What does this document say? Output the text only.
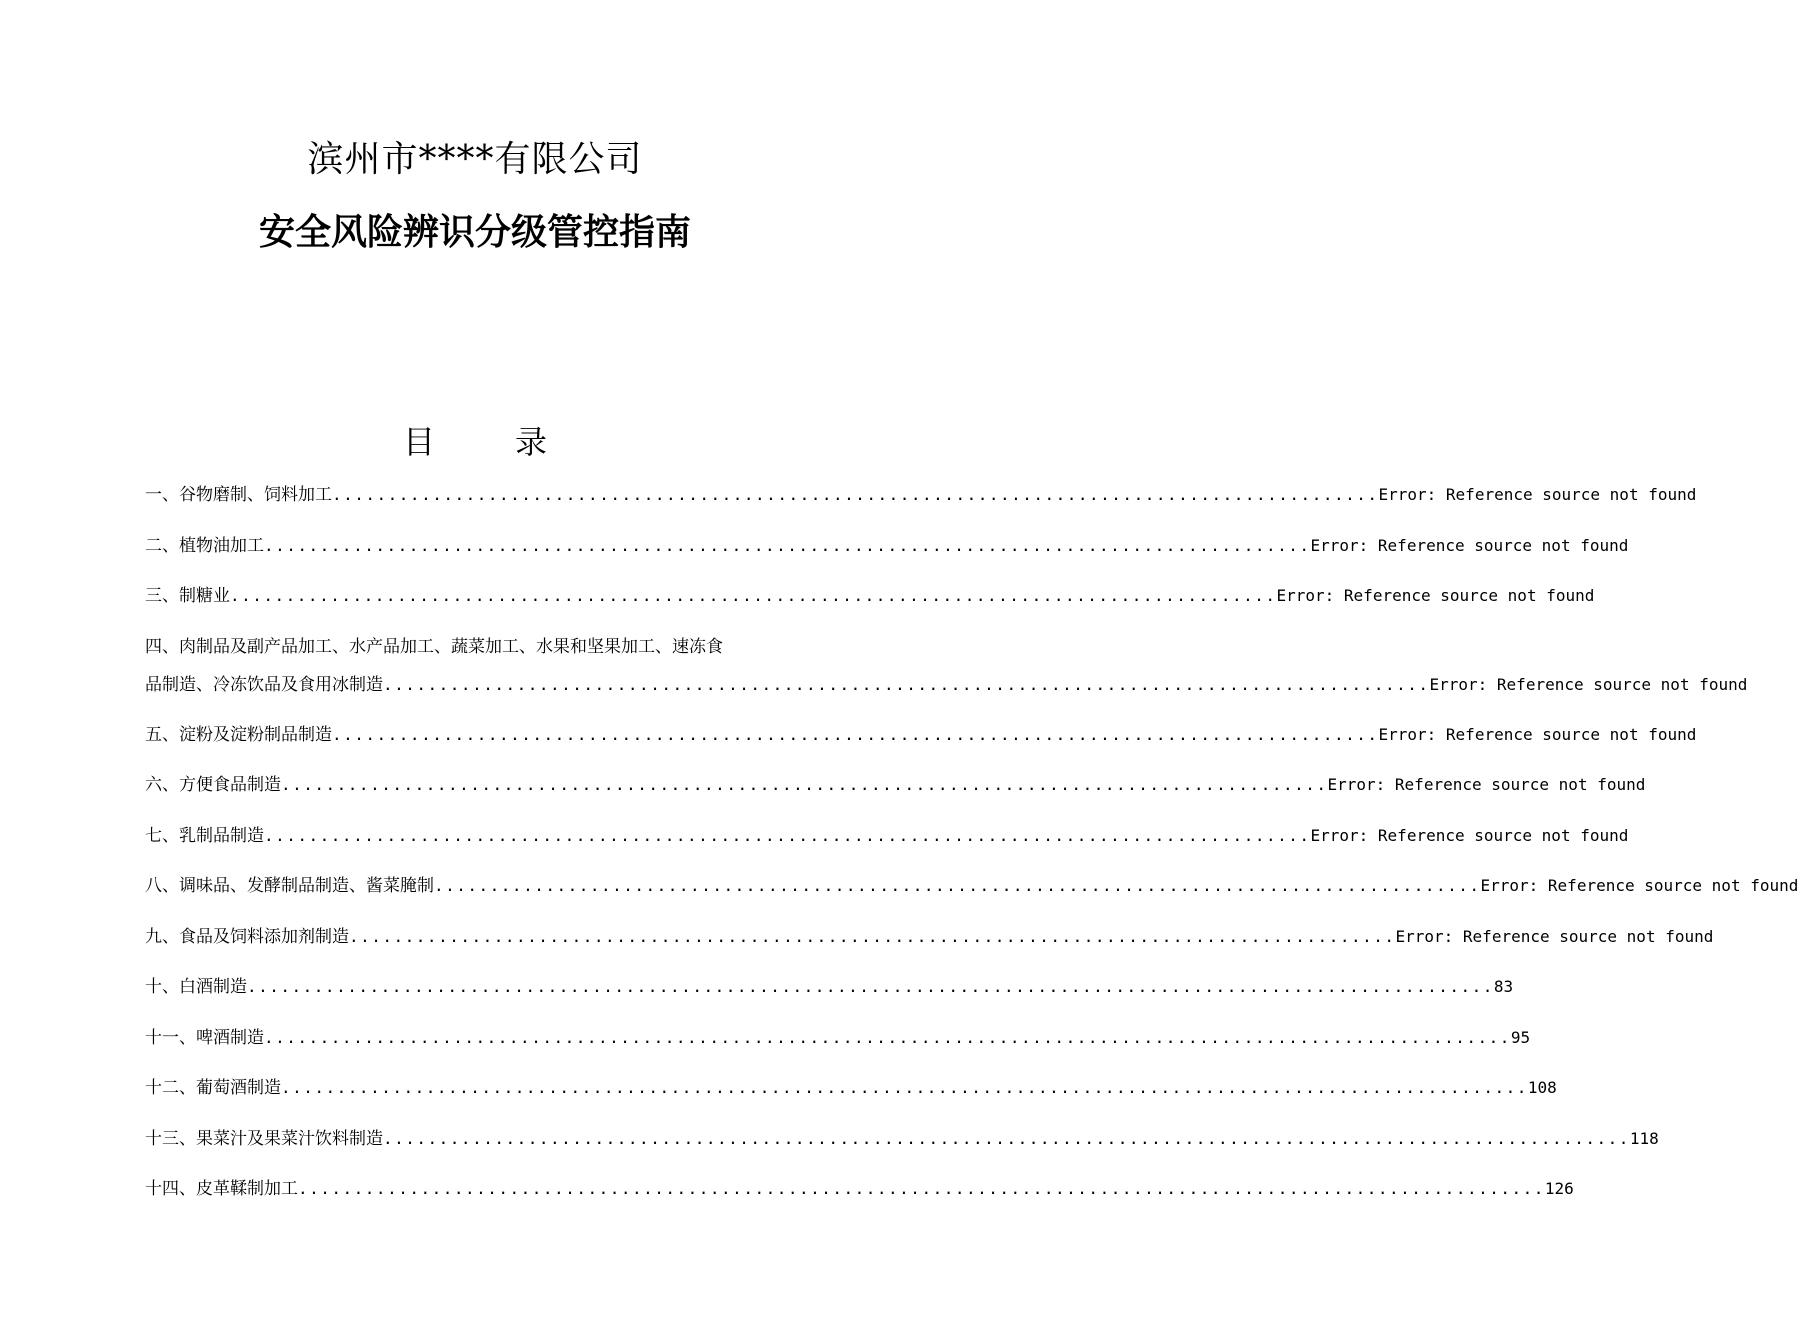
滨州市****有限公司
安全风险辨识分级管控指南
目	录
一、谷物磨制、饲料加工 .............................................................................................. Error: Reference source not found
二、植物油加工 .............................................................................................. Error: Reference source not found
三、制糖业 .............................................................................................. Error: Reference source not found
四、肉制品及副产品加工、水产品加工、蔬菜加工、水果和坚果加工、速冻食
品制造、冷冻饮品及食用冰制造 .............................................................................................. Error: Reference source not found
五、淀粉及淀粉制品制造 .............................................................................................. Error: Reference source not found
六、方便食品制造 .............................................................................................. Error: Reference source not found
七、乳制品制造 .............................................................................................. Error: Reference source not found
八、调味品、发酵制品制造、酱菜腌制 .............................................................................................. Error: Reference source not found
九、食品及饲料添加剂制造 .............................................................................................. Error: Reference source not found
十、白酒制造 ................................................................................................................ 83
十一、啤酒制造 ................................................................................................................ 95
十二、葡萄酒制造 ................................................................................................................ 108
十三、果菜汁及果菜汁饮料制造 ................................................................................................................ 118
十四、皮革鞣制加工 ................................................................................................................ 126
